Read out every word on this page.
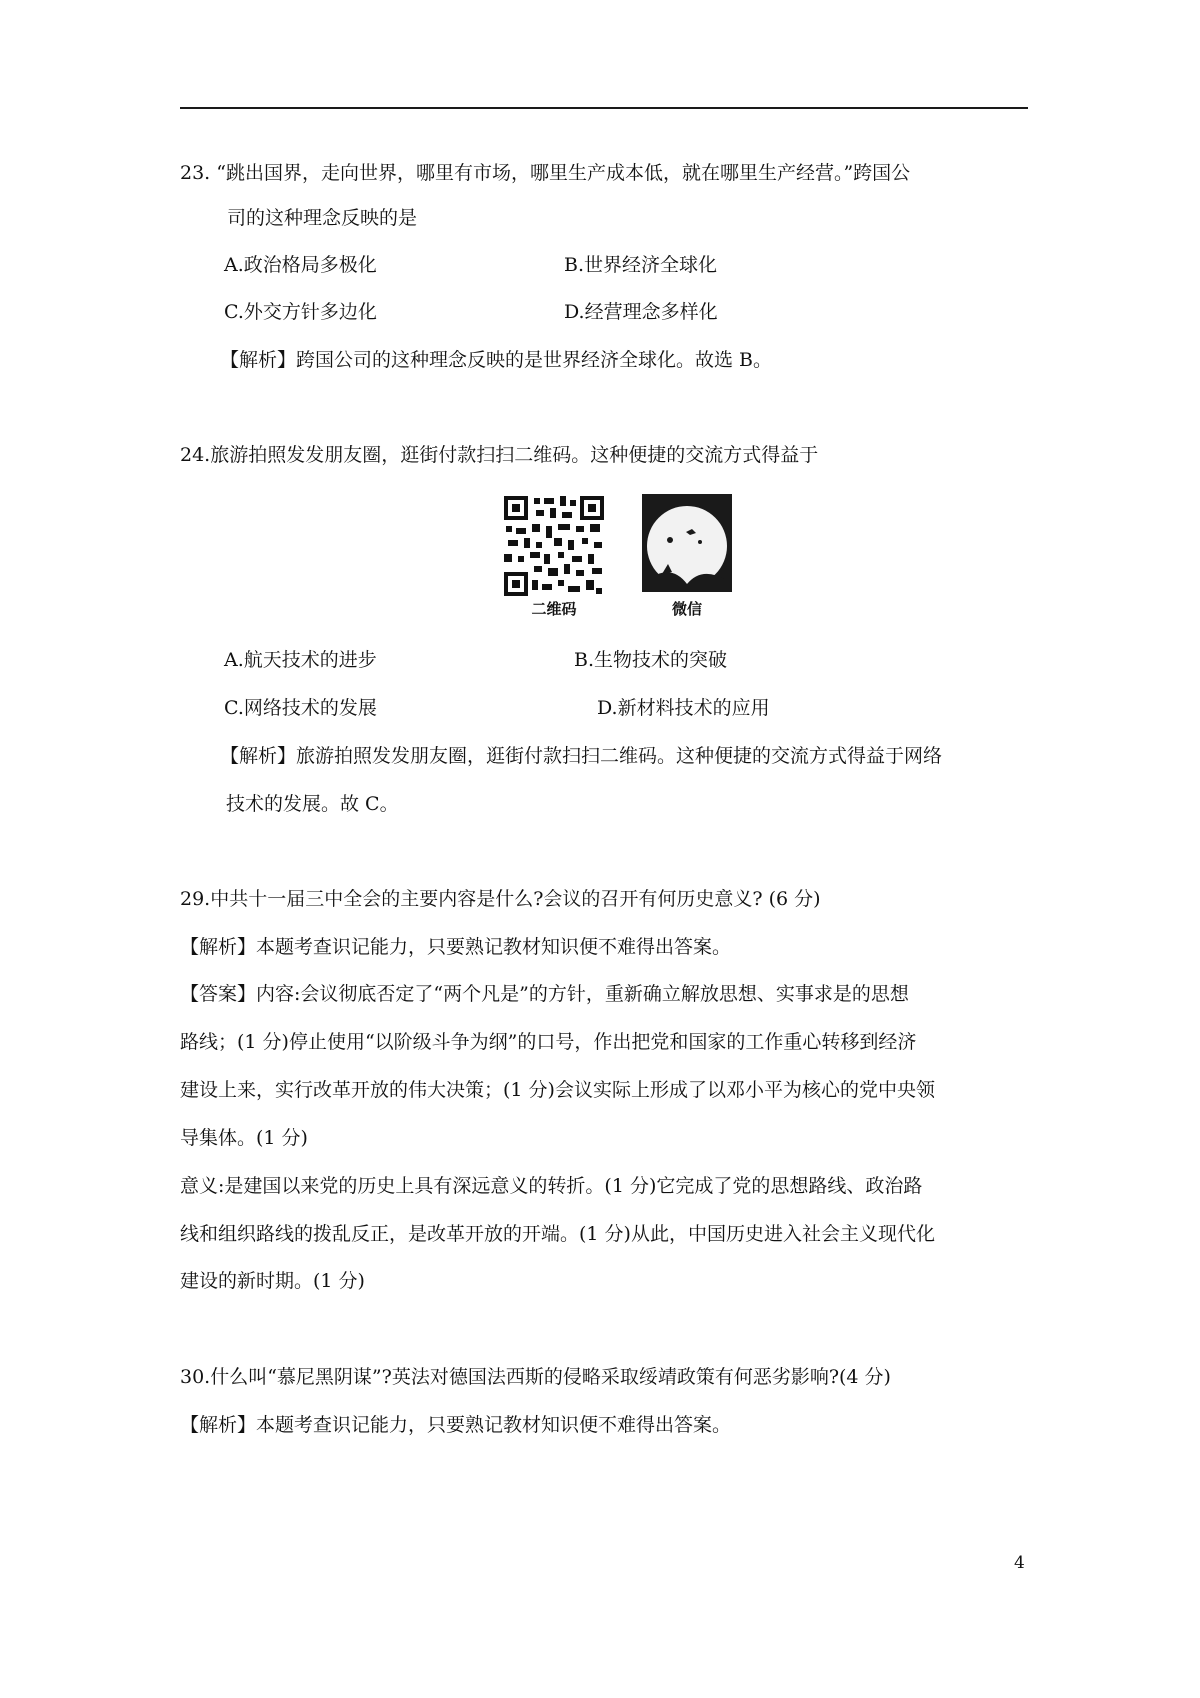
23. “跳出国界，走向世界，哪里有市场，哪里生产成本低，就在哪里生产经营。”跨国公
司的这种理念反映的是
A.政治格局多极化	B.世界经济全球化
C.外交方针多边化	D.经营理念多样化
【解析】跨国公司的这种理念反映的是世界经济全球化。故选 B。
24.旅游拍照发发朋友圈，逛街付款扫扫二维码。这种便捷的交流方式得益于
二维码	微信
A.航天技术的进步	B.生物技术的突破
C.网络技术的发展	D.新材料技术的应用
【解析】旅游拍照发发朋友圈，逛街付款扫扫二维码。这种便捷的交流方式得益于网络
技术的发展。故 C。
29.中共十一届三中全会的主要内容是什么?会议的召开有何历史意义? (6 分)
【解析】本题考查识记能力，只要熟记教材知识便不难得出答案。
【答案】内容:会议彻底否定了“两个凡是”的方针，重新确立解放思想、实事求是的思想
路线；(1 分)停止使用“以阶级斗争为纲”的口号，作出把党和国家的工作重心转移到经济
建设上来，实行改革开放的伟大决策；(1 分)会议实际上形成了以邓小平为核心的党中央领
导集体。(1 分)
意义:是建国以来党的历史上具有深远意义的转折。(1 分)它完成了党的思想路线、政治路
线和组织路线的拨乱反正，是改革开放的开端。(1 分)从此，中国历史进入社会主义现代化
建设的新时期。(1 分)
30.什么叫“慕尼黑阴谋”?英法对德国法西斯的侵略采取绥靖政策有何恶劣影响?(4 分)
【解析】本题考查识记能力，只要熟记教材知识便不难得出答案。
4
